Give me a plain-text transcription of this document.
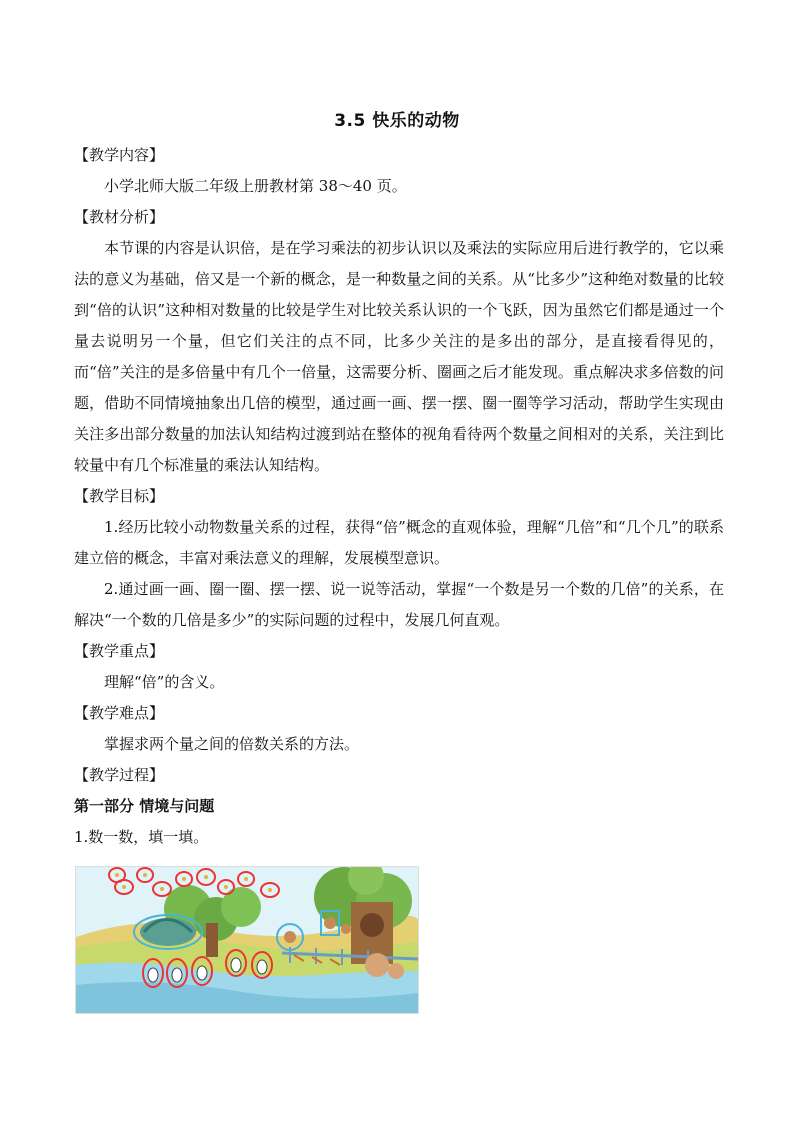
3.5 快乐的动物

【教学内容】

小学北师大版二年级上册教材第 38～40 页。

【教材分析】

本节课的内容是认识倍，是在学习乘法的初步认识以及乘法的实际应用后进行教学的，它以乘法的意义为基础，倍又是一个新的概念，是一种数量之间的关系。从“比多少”这种绝对数量的比较到“倍的认识”这种相对数量的比较是学生对比较关系认识的一个飞跃，因为虽然它们都是通过一个量去说明另一个量，但它们关注的点不同，比多少关注的是多出的部分，是直接看得见的，而“倍”关注的是多倍量中有几个一倍量，这需要分析、圈画之后才能发现。重点解决求多倍数的问题，借助不同情境抽象出几倍的模型，通过画一画、摆一摆、圈一圈等学习活动，帮助学生实现由关注多出部分数量的加法认知结构过渡到站在整体的视角看待两个数量之间相对的关系，关注到比较量中有几个标准量的乘法认知结构。

【教学目标】

1.经历比较小动物数量关系的过程，获得“倍”概念的直观体验，理解“几倍”和“几个几”的联系建立倍的概念，丰富对乘法意义的理解，发展模型意识。

2.通过画一画、圈一圈、摆一摆、说一说等活动，掌握“一个数是另一个数的几倍”的关系，在解决“一个数的几倍是多少”的实际问题的过程中，发展几何直观。

【教学重点】

理解“倍”的含义。

【教学难点】

掌握求两个量之间的倍数关系的方法。

【教学过程】

第一部分 情境与问题

1.数一数，填一填。
